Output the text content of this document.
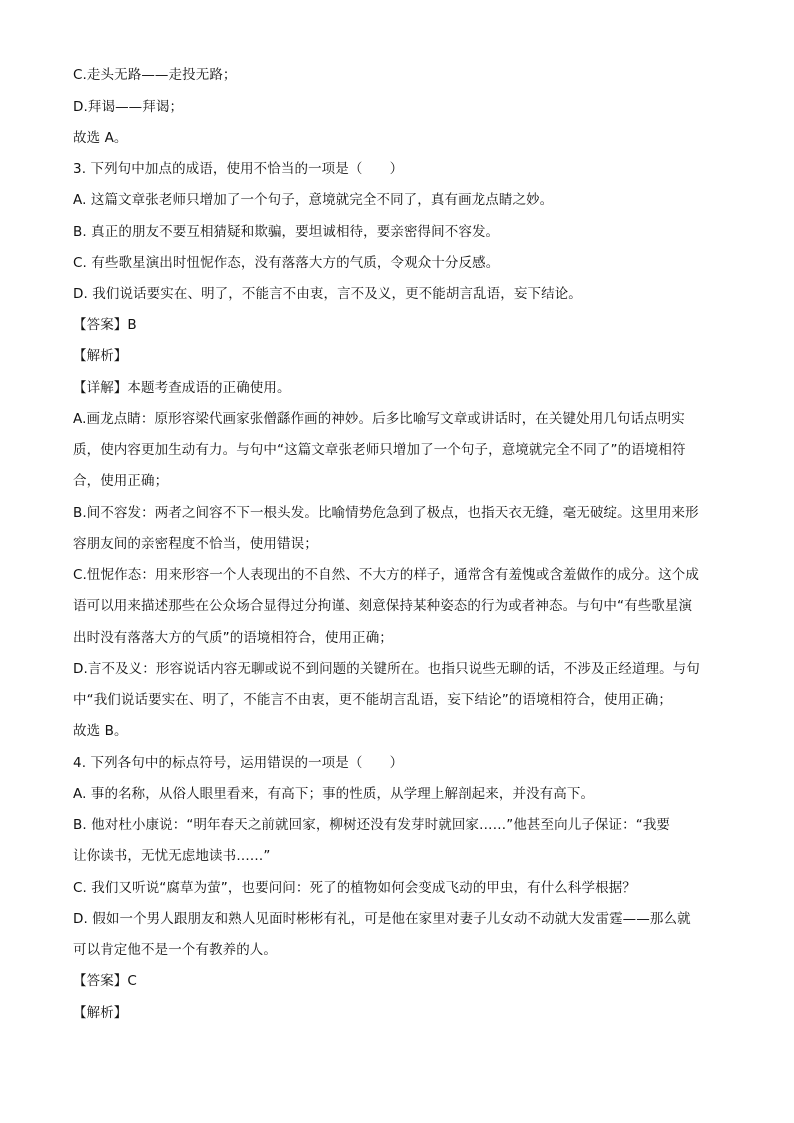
C.走头无路——走投无路；
D.拜谒——拜谒；
故选 A。
3. 下列句中加点的成语，使用不恰当的一项是（　　）
A. 这篇文章张老师只增加了一个句子，意境就完全不同了，真有画龙点睛之妙。
B. 真正的朋友不要互相猜疑和欺骗，要坦诚相待，要亲密得间不容发。
C. 有些歌星演出时忸怩作态，没有落落大方的气质，令观众十分反感。
D. 我们说话要实在、明了，不能言不由衷，言不及义，更不能胡言乱语，妄下结论。
【答案】B
【解析】
【详解】本题考查成语的正确使用。
A.画龙点睛：原形容梁代画家张僧繇作画的神妙。后多比喻写文章或讲话时，在关键处用几句话点明实
质，使内容更加生动有力。与句中“这篇文章张老师只增加了一个句子，意境就完全不同了”的语境相符
合，使用正确；
B.间不容发：两者之间容不下一根头发。比喻情势危急到了极点，也指天衣无缝，毫无破绽。这里用来形
容朋友间的亲密程度不恰当，使用错误；
C.忸怩作态：用来形容一个人表现出的不自然、不大方的样子，通常含有羞愧或含羞做作的成分。这个成
语可以用来描述那些在公众场合显得过分拘谨、刻意保持某种姿态的行为或者神态。与句中“有些歌星演
出时没有落落大方的气质”的语境相符合，使用正确；
D.言不及义：形容说话内容无聊或说不到问题的关键所在。也指只说些无聊的话，不涉及正经道理。与句
中“我们说话要实在、明了，不能言不由衷，更不能胡言乱语，妄下结论”的语境相符合，使用正确；
故选 B。
4. 下列各句中的标点符号，运用错误的一项是（　　）
A. 事的名称，从俗人眼里看来，有高下；事的性质，从学理上解剖起来，并没有高下。
B. 他对杜小康说：“明年春天之前就回家，柳树还没有发芽时就回家……”他甚至向儿子保证：“我要
让你读书，无忧无虑地读书……”
C. 我们又听说“腐草为萤”，也要问问：死了的植物如何会变成飞动的甲虫，有什么科学根据？
D. 假如一个男人跟朋友和熟人见面时彬彬有礼，可是他在家里对妻子儿女动不动就大发雷霆——那么就
可以肯定他不是一个有教养的人。
【答案】C
【解析】
